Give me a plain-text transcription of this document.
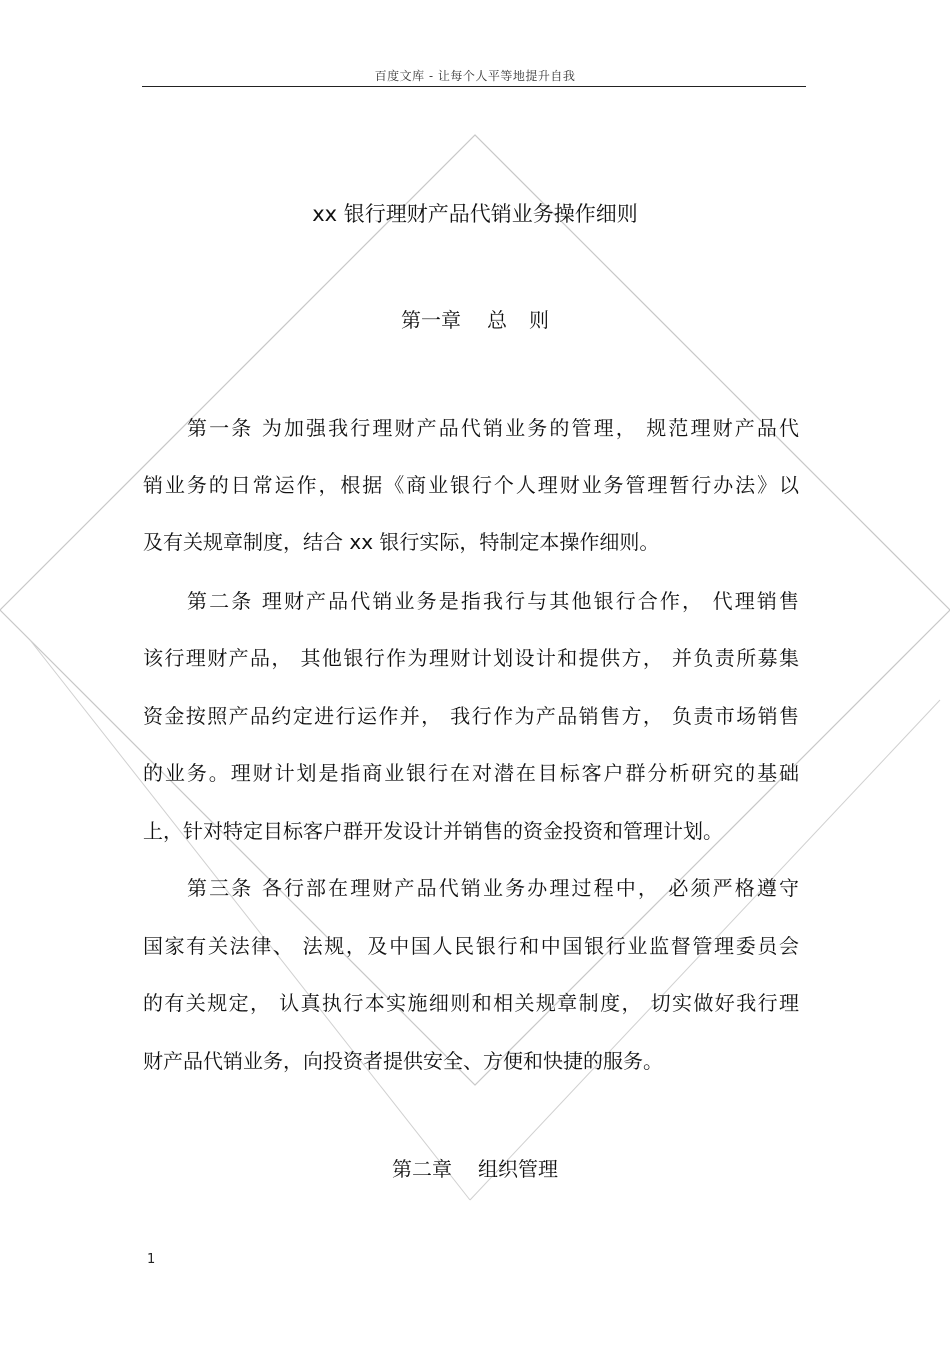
百度文库 - 让每个人平等地提升自我
xx 银行理财产品代销业务操作细则
第一章 总 则
第一条 为加强我行理财产品代销业务的管理， 规范理财产品代
销业务的日常运作，根据《商业银行个人理财业务管理暂行办法》以
及有关规章制度，结合 xx 银行实际，特制定本操作细则。
第二条 理财产品代销业务是指我行与其他银行合作， 代理销售
该行理财产品， 其他银行作为理财计划设计和提供方， 并负责所募集
资金按照产品约定进行运作并， 我行作为产品销售方， 负责市场销售
的业务。理财计划是指商业银行在对潜在目标客户群分析研究的基础
上，针对特定目标客户群开发设计并销售的资金投资和管理计划。
第三条 各行部在理财产品代销业务办理过程中， 必须严格遵守
国家有关法律、 法规，及中国人民银行和中国银行业监督管理委员会
的有关规定， 认真执行本实施细则和相关规章制度， 切实做好我行理
财产品代销业务，向投资者提供安全、方便和快捷的服务。
第二章 组织管理
1
